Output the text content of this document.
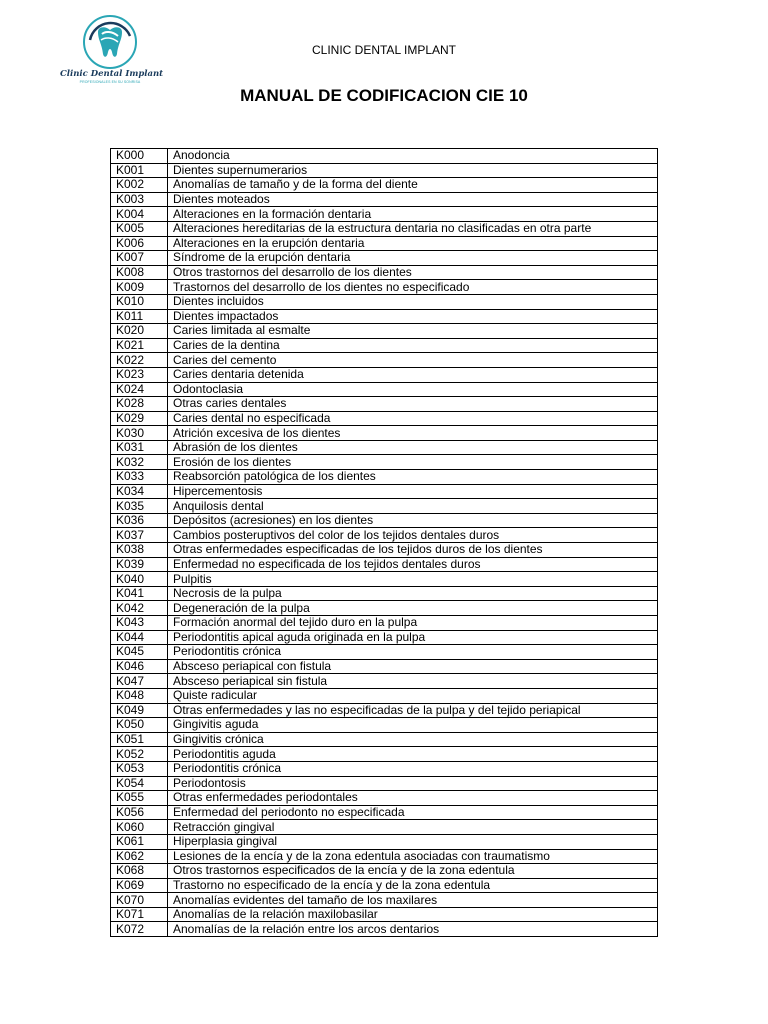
Clinic Dental Implant
PROFESIONALES EN SU SONRISA
CLINIC DENTAL IMPLANT
MANUAL DE CODIFICACION CIE 10
K000	Anodoncia
K001	Dientes supernumerarios
K002	Anomalías de tamaño y de la forma del diente
K003	Dientes moteados
K004	Alteraciones en la formación dentaria
K005	Alteraciones hereditarias de la estructura dentaria no clasificadas en otra parte
K006	Alteraciones en la erupción dentaria
K007	Síndrome de la erupción dentaria
K008	Otros trastornos del desarrollo de los dientes
K009	Trastornos del desarrollo de los dientes no especificado
K010	Dientes incluidos
K011	Dientes impactados
K020	Caries limitada al esmalte
K021	Caries de la dentina
K022	Caries del cemento
K023	Caries dentaria detenida
K024	Odontoclasia
K028	Otras caries dentales
K029	Caries dental no especificada
K030	Atrición excesiva de los dientes
K031	Abrasión de los dientes
K032	Erosión de los dientes
K033	Reabsorción patológica de los dientes
K034	Hipercementosis
K035	Anquilosis dental
K036	Depósitos (acresiones) en los dientes
K037	Cambios posteruptivos del color de los tejidos dentales duros
K038	Otras enfermedades especificadas de los tejidos duros de los dientes
K039	Enfermedad no especificada de los tejidos dentales duros
K040	Pulpitis
K041	Necrosis de la pulpa
K042	Degeneración de la pulpa
K043	Formación anormal del tejido duro en la pulpa
K044	Periodontitis apical aguda originada en la pulpa
K045	Periodontitis crónica
K046	Absceso periapical con fistula
K047	Absceso periapical sin fistula
K048	Quiste radicular
K049	Otras enfermedades y las no especificadas de la pulpa y del tejido periapical
K050	Gingivitis aguda
K051	Gingivitis crónica
K052	Periodontitis aguda
K053	Periodontitis crónica
K054	Periodontosis
K055	Otras enfermedades periodontales
K056	Enfermedad del periodonto no especificada
K060	Retracción gingival
K061	Hiperplasia gingival
K062	Lesiones de la encía y de la zona edentula asociadas con traumatismo
K068	Otros trastornos especificados de la encía y de la zona edentula
K069	Trastorno no especificado de la encía y de la zona edentula
K070	Anomalías evidentes del tamaño de los maxilares
K071	Anomalías de la relación maxilobasilar
K072	Anomalías de la relación entre los arcos dentarios
